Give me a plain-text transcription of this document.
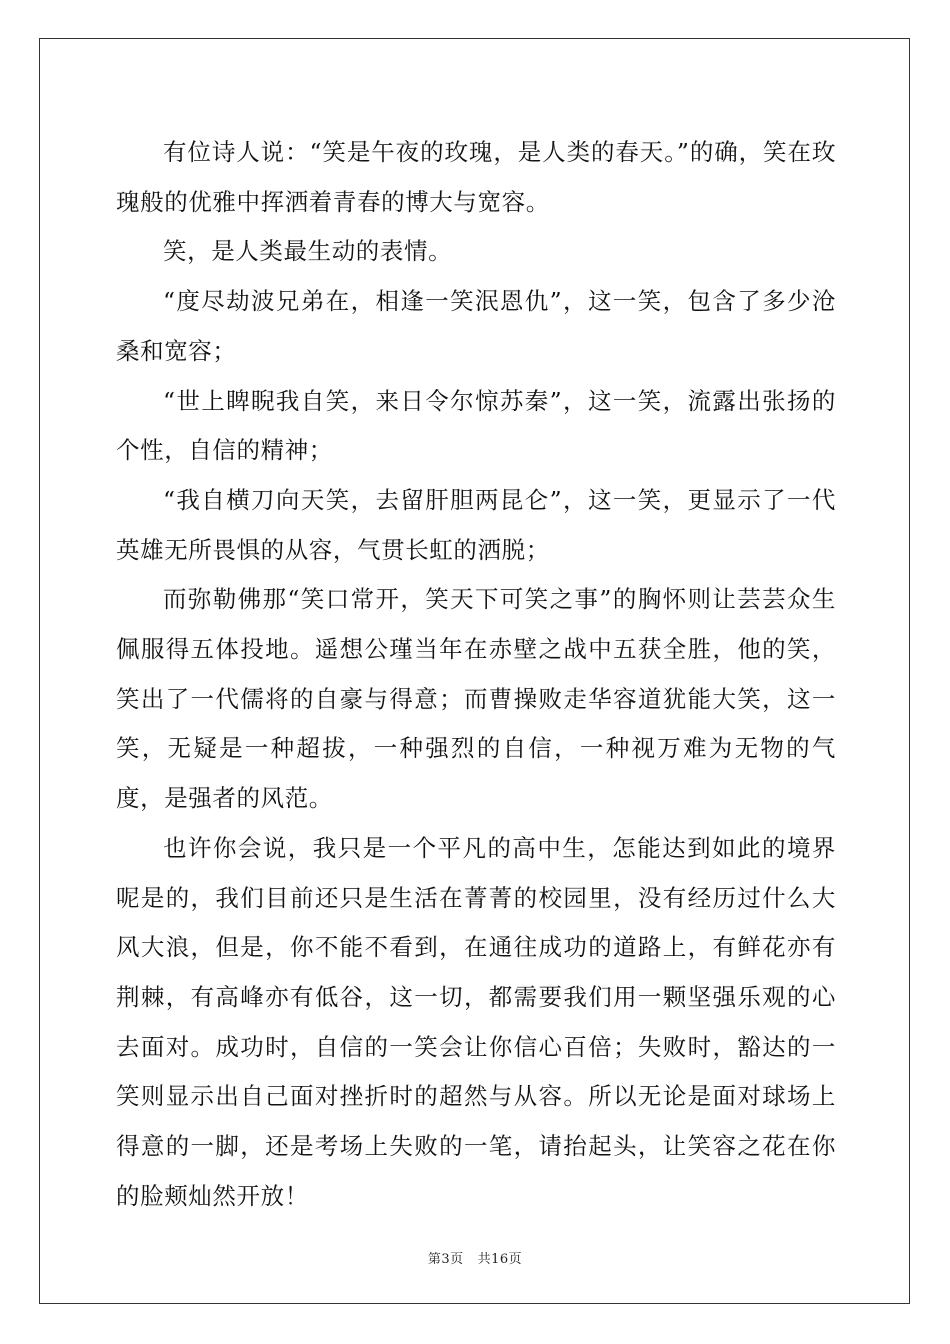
有位诗人说：“笑是午夜的玫瑰，是人类的春天。”的确，笑在玫瑰般的优雅中挥洒着青春的博大与宽容。

笑，是人类最生动的表情。

“度尽劫波兄弟在，相逢一笑泯恩仇”，这一笑，包含了多少沧桑和宽容；

“世上睥睨我自笑，来日令尔惊苏秦”，这一笑，流露出张扬的个性，自信的精神；

“我自横刀向天笑，去留肝胆两昆仑”，这一笑，更显示了一代英雄无所畏惧的从容，气贯长虹的洒脱；

而弥勒佛那“笑口常开，笑天下可笑之事”的胸怀则让芸芸众生佩服得五体投地。遥想公瑾当年在赤壁之战中五获全胜，他的笑，笑出了一代儒将的自豪与得意；而曹操败走华容道犹能大笑，这一笑，无疑是一种超拔，一种强烈的自信，一种视万难为无物的气度，是强者的风范。

也许你会说，我只是一个平凡的高中生，怎能达到如此的境界呢是的，我们目前还只是生活在菁菁的校园里，没有经历过什么大风大浪，但是，你不能不看到，在通往成功的道路上，有鲜花亦有荆棘，有高峰亦有低谷，这一切，都需要我们用一颗坚强乐观的心去面对。成功时，自信的一笑会让你信心百倍；失败时，豁达的一笑则显示出自己面对挫折时的超然与从容。所以无论是面对球场上得意的一脚，还是考场上失败的一笔，请抬起头，让笑容之花在你的脸颊灿然开放！

第3页 共16页
